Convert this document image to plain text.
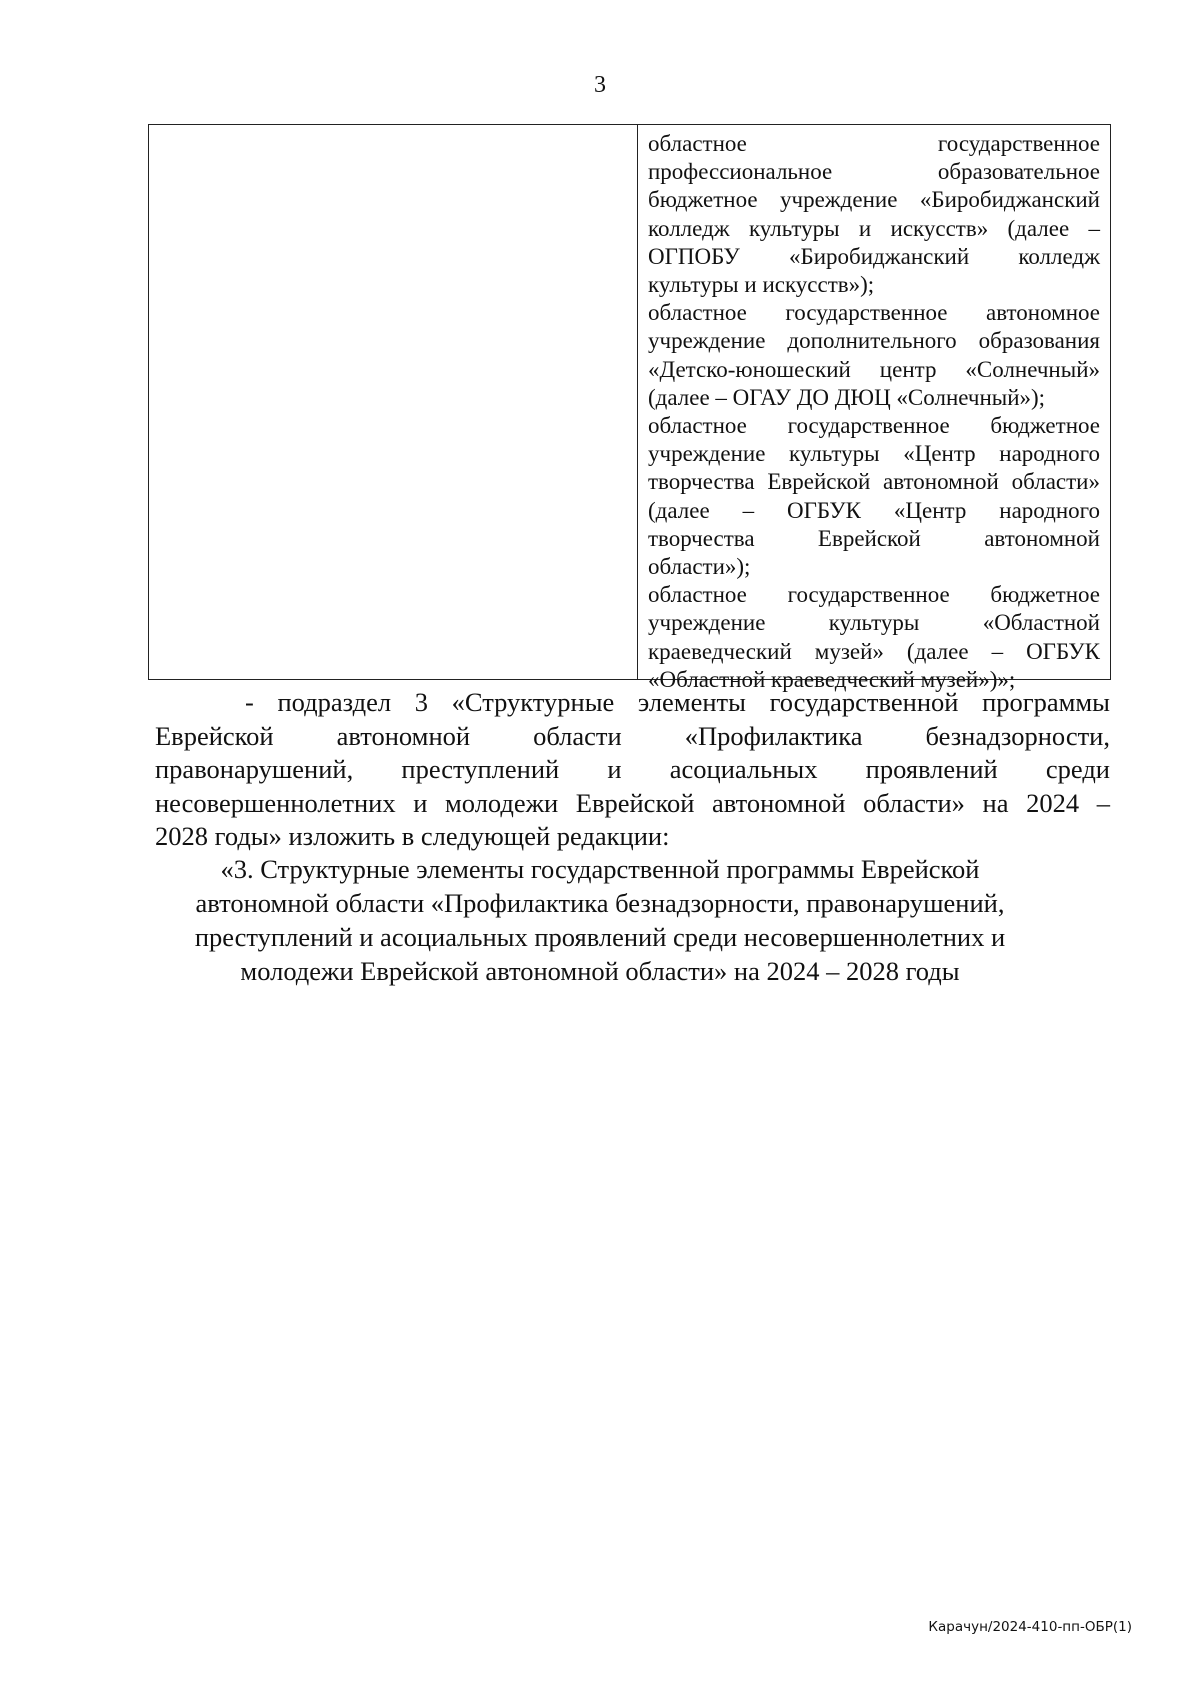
3
областное государственное
профессиональное образовательное
бюджетное учреждение «Биробиджанский
колледж культуры и искусств» (далее –
ОГПОБУ «Биробиджанский колледж
культуры и искусств»);
областное государственное автономное
учреждение дополнительного образования
«Детско-юношеский центр «Солнечный»
(далее – ОГАУ ДО ДЮЦ «Солнечный»);
областное государственное бюджетное
учреждение культуры «Центр народного
творчества Еврейской автономной области»
(далее – ОГБУК «Центр народного
творчества Еврейской автономной
области»);
областное государственное бюджетное
учреждение культуры «Областной
краеведческий музей» (далее – ОГБУК
«Областной краеведческий музей»)»;
- подраздел 3 «Структурные элементы государственной программы
Еврейской автономной области «Профилактика безнадзорности,
правонарушений, преступлений и асоциальных проявлений среди
несовершеннолетних и молодежи Еврейской автономной области» на 2024 –
2028 годы» изложить в следующей редакции:
«3. Структурные элементы государственной программы Еврейской
автономной области «Профилактика безнадзорности, правонарушений,
преступлений и асоциальных проявлений среди несовершеннолетних и
молодежи Еврейской автономной области» на 2024 – 2028 годы
Карачун/2024-410-пп-ОБР(1)
